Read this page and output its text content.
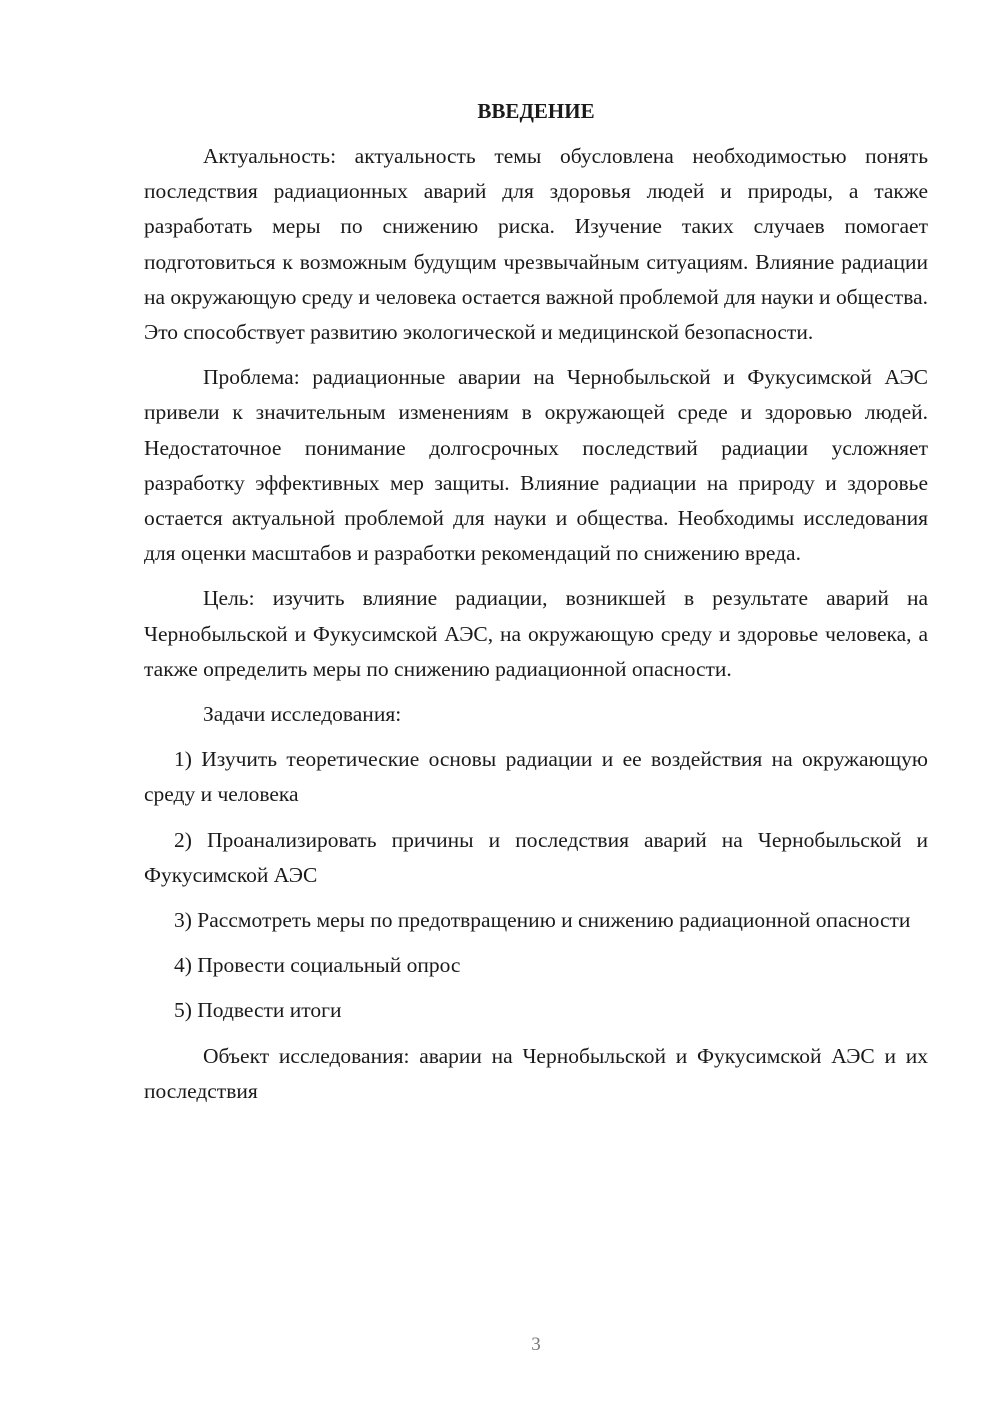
ВВЕДЕНИЕ

Актуальность: актуальность темы обусловлена необходимостью понять последствия радиационных аварий для здоровья людей и природы, а также разработать меры по снижению риска. Изучение таких случаев помогает подготовиться к возможным будущим чрезвычайным ситуациям. Влияние радиации на окружающую среду и человека остается важной проблемой для науки и общества. Это способствует развитию экологической и медицинской безопасности.

Проблема: радиационные аварии на Чернобыльской и Фукусимской АЭС привели к значительным изменениям в окружающей среде и здоровью людей. Недостаточное понимание долгосрочных последствий радиации усложняет разработку эффективных мер защиты. Влияние радиации на природу и здоровье остается актуальной проблемой для науки и общества. Необходимы исследования для оценки масштабов и разработки рекомендаций по снижению вреда.

Цель: изучить влияние радиации, возникшей в результате аварий на Чернобыльской и Фукусимской АЭС, на окружающую среду и здоровье человека, а также определить меры по снижению радиационной опасности.

Задачи исследования:

1) Изучить теоретические основы радиации и ее воздействия на окружающую среду и человека

2) Проанализировать причины и последствия аварий на Чернобыльской и Фукусимской АЭС

3) Рассмотреть меры по предотвращению и снижению радиационной опасности

4) Провести социальный опрос

5) Подвести итоги

Объект исследования: аварии на Чернобыльской и Фукусимской АЭС и их последствия

3
